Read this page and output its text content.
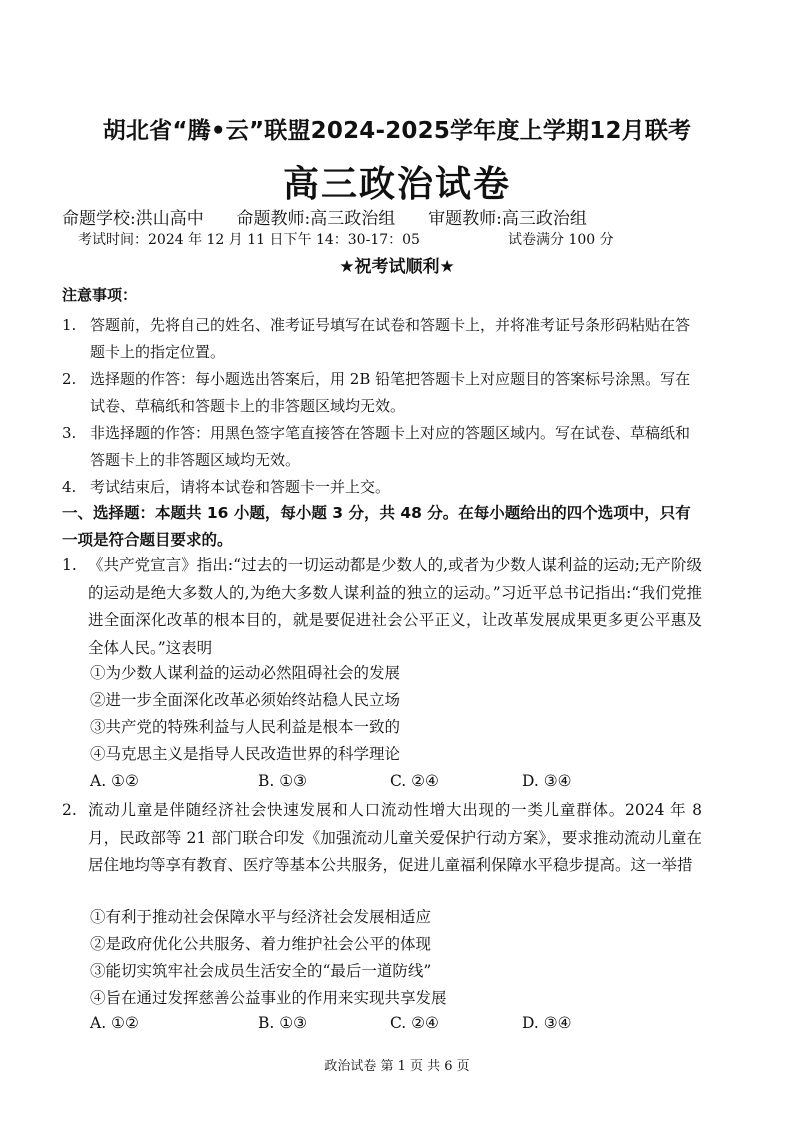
胡北省“腾•云”联盟2024-2025学年度上学期12月联考
高三政治试卷
命题学校:洪山高中 命题教师:高三政治组 审题教师:高三政治组
考试时间：2024 年 12 月 11 日下午 14：30-17：05	试卷满分 100 分
★祝考试顺利★
注意事项：
1. 答题前，先将自己的姓名、准考证号填写在试卷和答题卡上，并将准考证号条形码粘贴在答题卡上的指定位置。
2. 选择题的作答：每小题选出答案后，用 2B 铅笔把答题卡上对应题目的答案标号涂黑。写在试卷、草稿纸和答题卡上的非答题区域均无效。
3. 非选择题的作答：用黑色签字笔直接答在答题卡上对应的答题区域内。写在试卷、草稿纸和答题卡上的非答题区域均无效。
4. 考试结束后，请将本试卷和答题卡一并上交。
一、选择题：本题共 16 小题，每小题 3 分，共 48 分。在每小题给出的四个选项中，只有一项是符合题目要求的。
1. 《共产党宣言》指出:“过去的一切运动都是少数人的,或者为少数人谋利益的运动;无产阶级的运动是绝大多数人的,为绝大多数人谋利益的独立的运动。”习近平总书记指出:“我们党推进全面深化改革的根本目的，就是要促进社会公平正义，让改革发展成果更多更公平惠及全体人民。”这表明
①为少数人谋利益的运动必然阻碍社会的发展
②进一步全面深化改革必须始终站稳人民立场
③共产党的特殊利益与人民利益是根本一致的
④马克思主义是指导人民改造世界的科学理论
A. ①②	B. ①③	C. ②④	D. ③④
2. 流动儿童是伴随经济社会快速发展和人口流动性增大出现的一类儿童群体。2024 年 8 月，民政部等 21 部门联合印发《加强流动儿童关爱保护行动方案》，要求推动流动儿童在居住地均等享有教育、医疗等基本公共服务，促进儿童福利保障水平稳步提高。这一举措
①有利于推动社会保障水平与经济社会发展相适应
②是政府优化公共服务、着力维护社会公平的体现
③能切实筑牢社会成员生活安全的“最后一道防线”
④旨在通过发挥慈善公益事业的作用来实现共享发展
A. ①②	B. ①③	C. ②④	D. ③④
政治试卷 第 1 页 共 6 页
